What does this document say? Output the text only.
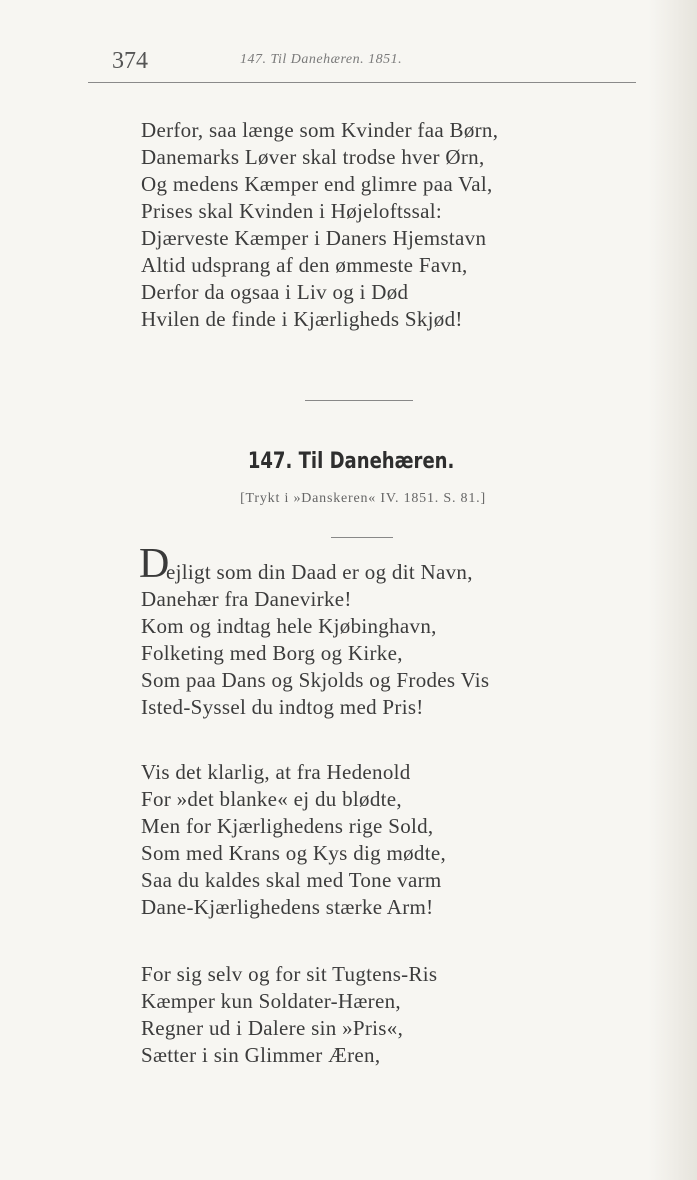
374	147. Til Danehæren. 1851.
Derfor, saa længe som Kvinder faa Børn,
Danemarks Løver skal trodse hver Ørn,
Og medens Kæmper end glimre paa Val,
Prises skal Kvinden i Højeloftssal:
Djærveste Kæmper i Daners Hjemstavn
Altid udsprang af den ømmeste Favn,
Derfor da ogsaa i Liv og i Død
Hvilen de finde i Kjærligheds Skjød!
147. Til Danehæren.
[Trykt i »Danskeren« IV. 1851. S. 81.]
D
ejligt som din Daad er og dit Navn,
Danehær fra Danevirke!
Kom og indtag hele Kjøbinghavn,
Folketing med Borg og Kirke,
Som paa Dans og Skjolds og Frodes Vis
Isted-Syssel du indtog med Pris!
Vis det klarlig, at fra Hedenold
For »det blanke« ej du blødte,
Men for Kjærlighedens rige Sold,
Som med Krans og Kys dig mødte,
Saa du kaldes skal med Tone varm
Dane-Kjærlighedens stærke Arm!
For sig selv og for sit Tugtens-Ris
Kæmper kun Soldater-Hæren,
Regner ud i Dalere sin »Pris«,
Sætter i sin Glimmer Æren,
